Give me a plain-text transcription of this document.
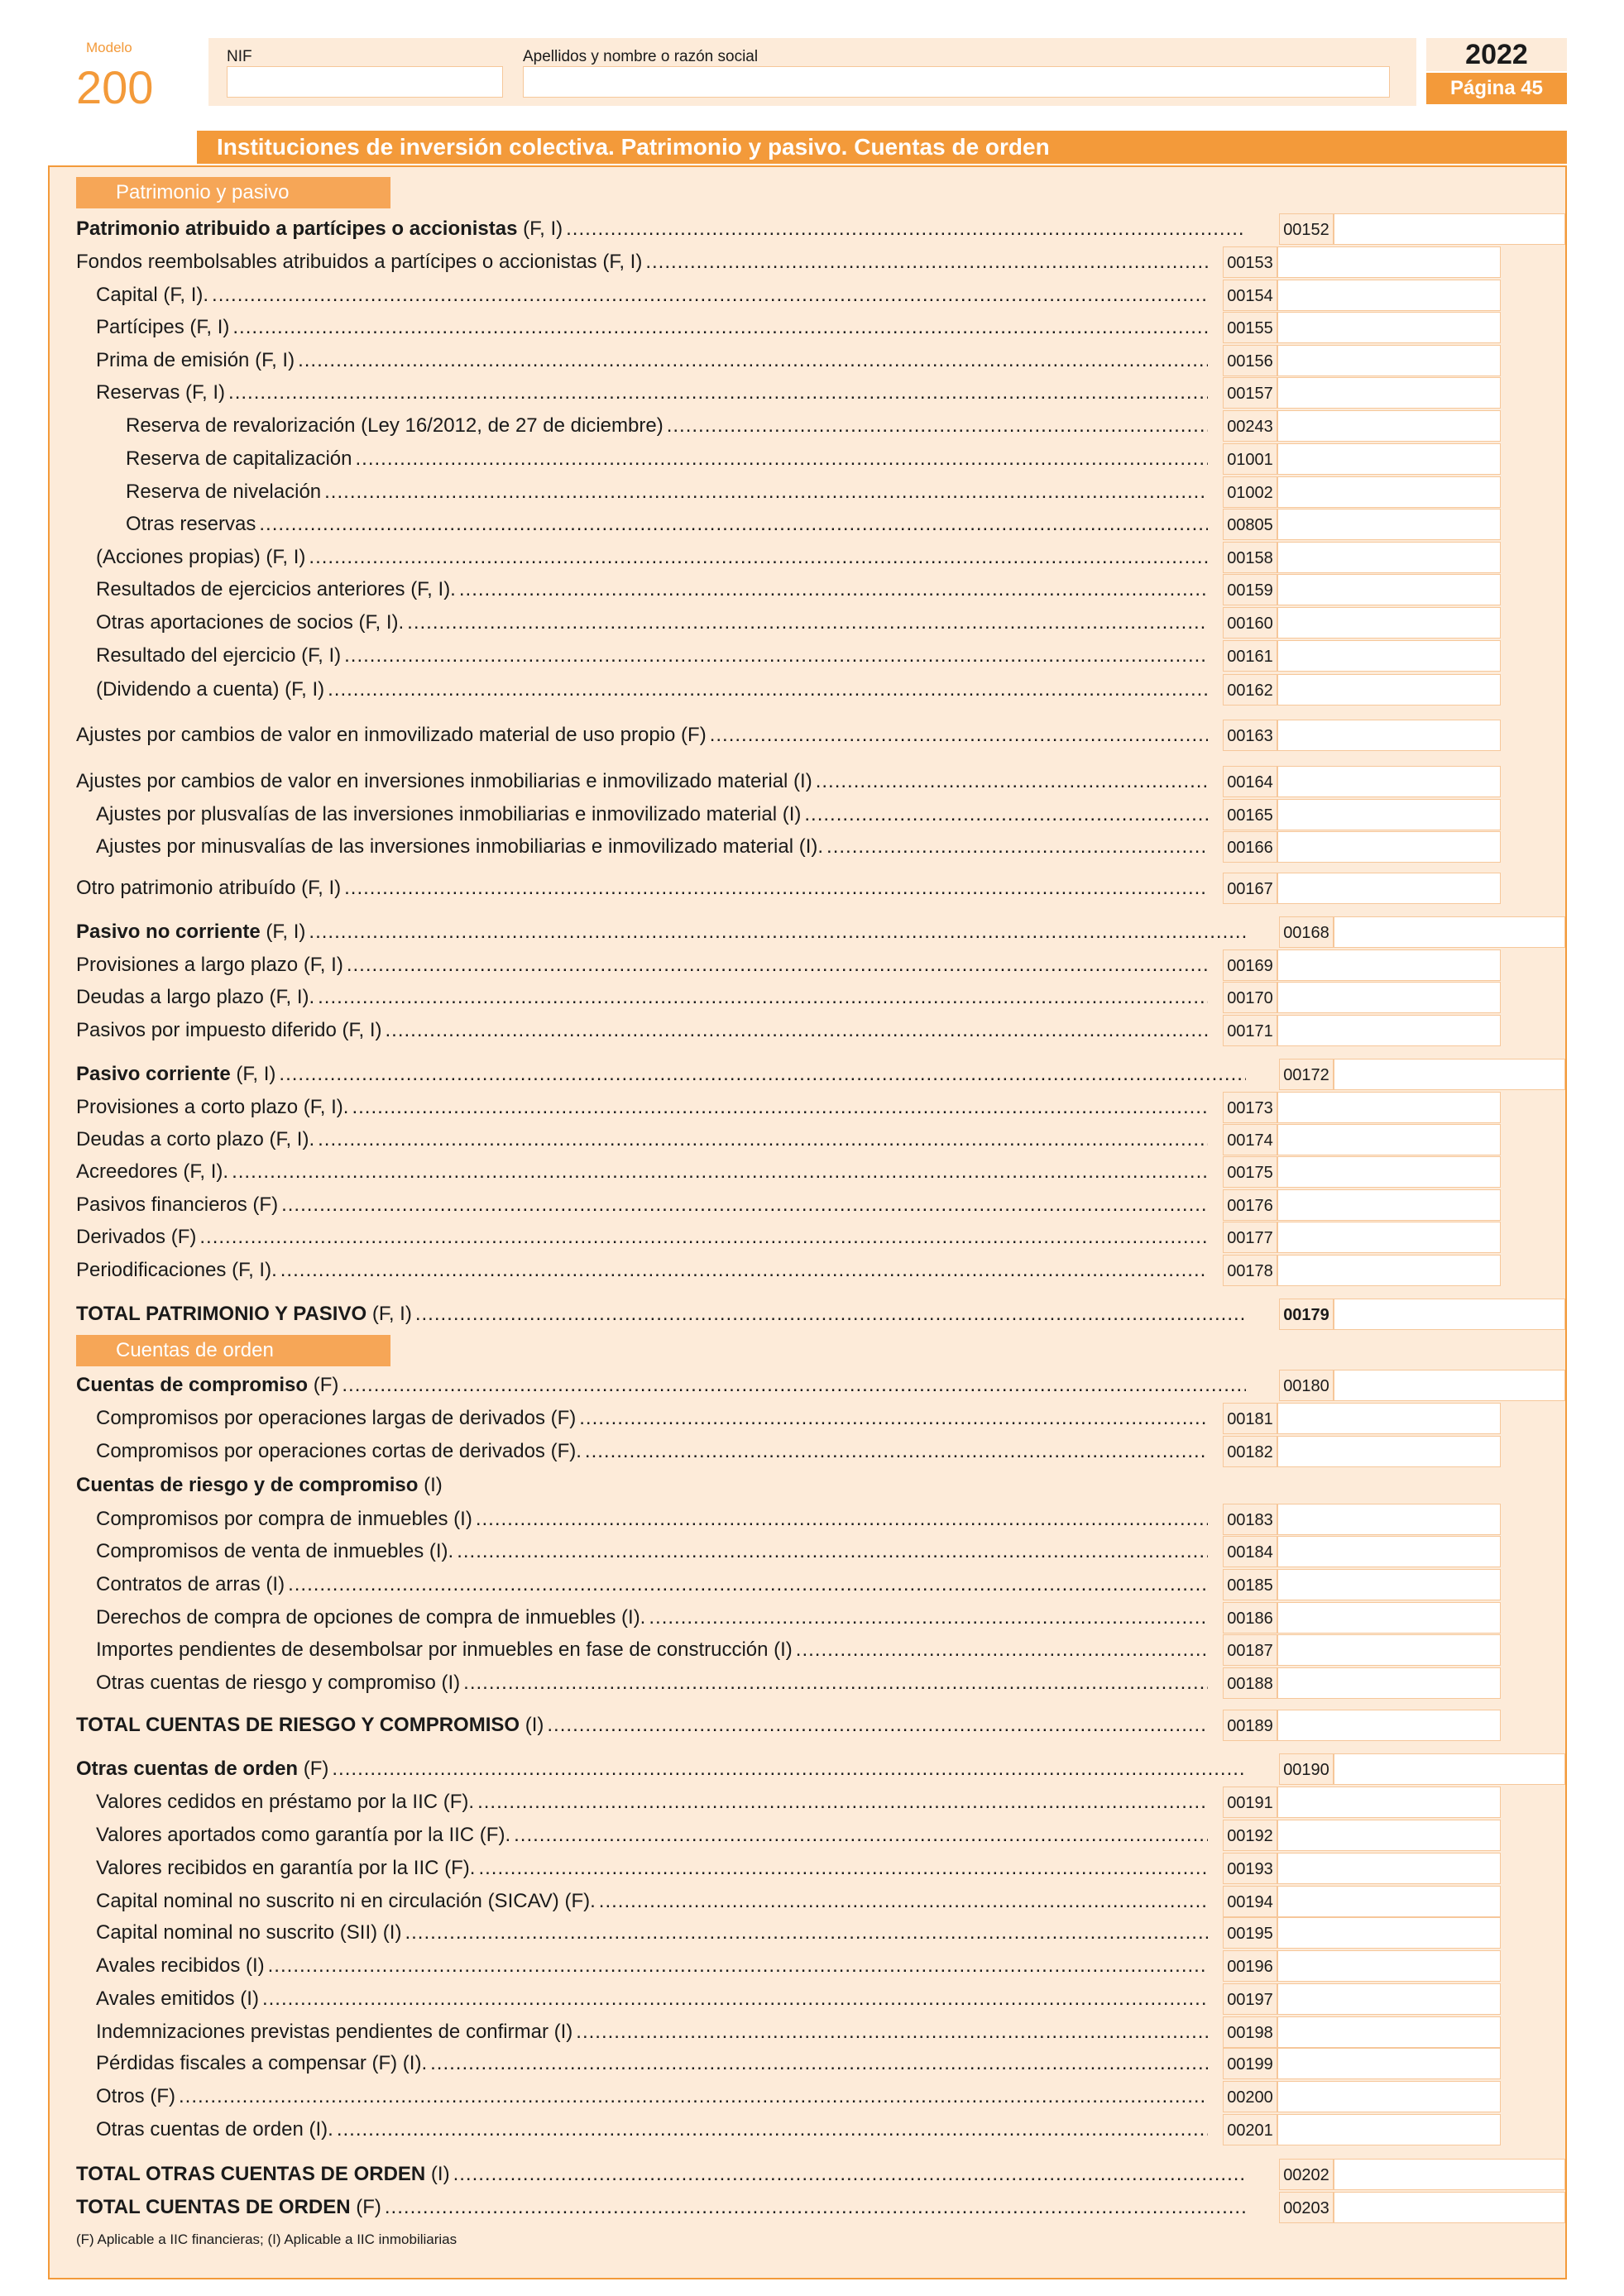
Modelo
200
NIF	Apellidos y nombre o razón social	2022
Página 45
Instituciones de inversión colectiva. Patrimonio y pasivo. Cuentas de orden
Patrimonio y pasivo
Cuentas de orden
Patrimonio atribuido a partícipes o accionistas (F, I) .....	00152
Fondos reembolsables atribuidos a partícipes o accionistas (F, I) .....	00153
Capital (F, I). .....	00154
Partícipes (F, I) .....	00155
Prima de emisión (F, I) .....	00156
Reservas (F, I) .....	00157
Reserva de revalorización (Ley 16/2012, de 27 de diciembre) .....	00243
Reserva de capitalización .....	01001
Reserva de nivelación .....	01002
Otras reservas .....	00805
(Acciones propias) (F, I) .....	00158
Resultados de ejercicios anteriores (F, I). .....	00159
Otras aportaciones de socios (F, I). .....	00160
Resultado del ejercicio (F, I) .....	00161
(Dividendo a cuenta) (F, I) .....	00162
Ajustes por cambios de valor en inmovilizado material de uso propio (F) .....	00163
Ajustes por cambios de valor en inversiones inmobiliarias e inmovilizado material (I) .....	00164
Ajustes por plusvalías de las inversiones inmobiliarias e inmovilizado material (I) .....	00165
Ajustes por minusvalías de las inversiones inmobiliarias e inmovilizado material (I). .....	00166
Otro patrimonio atribuído (F, I) .....	00167
Pasivo no corriente (F, I) .....	00168
Provisiones a largo plazo (F, I) .....	00169
Deudas a largo plazo (F, I). .....	00170
Pasivos por impuesto diferido (F, I) .....	00171
Pasivo corriente (F, I) .....	00172
Provisiones a corto plazo (F, I). .....	00173
Deudas a corto plazo (F, I). .....	00174
Acreedores (F, I). .....	00175
Pasivos financieros (F) .....	00176
Derivados (F) .....	00177
Periodificaciones (F, I). .....	00178
TOTAL PATRIMONIO Y PASIVO (F, I) .....	00179
Cuentas de compromiso (F) .....	00180
Compromisos por operaciones largas de derivados (F) .....	00181
Compromisos por operaciones cortas de derivados (F). .....	00182
Cuentas de riesgo y de compromiso (I)
Compromisos por compra de inmuebles (I) .....	00183
Compromisos de venta de inmuebles (I). .....	00184
Contratos de arras (I) .....	00185
Derechos de compra de opciones de compra de inmuebles (I). .....	00186
Importes pendientes de desembolsar por inmuebles en fase de construcción (I) .....	00187
Otras cuentas de riesgo y compromiso (I) .....	00188
TOTAL CUENTAS DE RIESGO Y COMPROMISO (I) .....	00189
Otras cuentas de orden (F) .....	00190
Valores cedidos en préstamo por la IIC (F). .....	00191
Valores aportados como garantía por la IIC (F). .....	00192
Valores recibidos en garantía por la IIC (F). .....	00193
Capital nominal no suscrito ni en circulación (SICAV) (F). .....	00194
Capital nominal no suscrito (SII) (I) .....	00195
Avales recibidos (I) .....	00196
Avales emitidos (I) .....	00197
Indemnizaciones previstas pendientes de confirmar (I) .....	00198
Pérdidas fiscales a compensar (F) (I). .....	00199
Otros (F) .....	00200
Otras cuentas de orden (I). .....	00201
TOTAL OTRAS CUENTAS DE ORDEN (I) .....	00202
TOTAL CUENTAS DE ORDEN (F) .....	00203
(F) Aplicable a IIC financieras; (I) Aplicable a IIC inmobiliarias
